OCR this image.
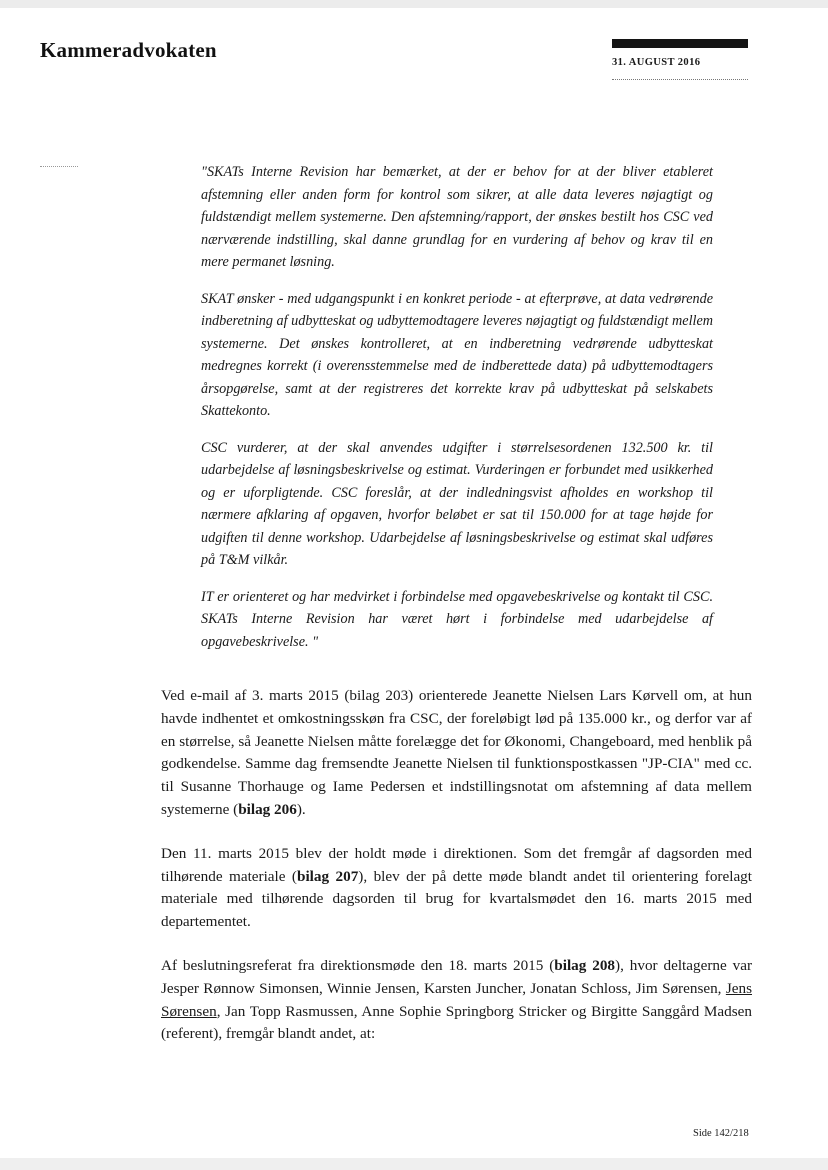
Kammeradvokaten
31. AUGUST 2016

"SKATs Interne Revision har bemærket, at der er behov for at der bliver etableret afstemning eller anden form for kontrol som sikrer, at alle data leveres nøjagtigt og fuldstændigt mellem systemerne. Den afstemning/rapport, der ønskes bestilt hos CSC ved nærværende indstilling, skal danne grundlag for en vurdering af behov og krav til en mere permanet løsning.

SKAT ønsker - med udgangspunkt i en konkret periode - at efterprøve, at data vedrørende indberetning af udbytteskat og udbyttemodtagere leveres nøjagtigt og fuldstændigt mellem systemerne. Det ønskes kontrolleret, at en indberetning vedrørende udbytteskat medregnes korrekt (i overensstemmelse med de indberettede data) på udbyttemodtagers årsopgørelse, samt at der registreres det korrekte krav på udbytteskat på selskabets Skattekonto.

CSC vurderer, at der skal anvendes udgifter i størrelsesordenen 132.500 kr. til udarbejdelse af løsningsbeskrivelse og estimat. Vurderingen er forbundet med usikkerhed og er uforpligtende. CSC foreslår, at der indledningsvist afholdes en workshop til nærmere afklaring af opgaven, hvorfor beløbet er sat til 150.000 for at tage højde for udgiften til denne workshop. Udarbejdelse af løsningsbeskrivelse og estimat skal udføres på T&M vilkår.

IT er orienteret og har medvirket i forbindelse med opgavebeskrivelse og kontakt til CSC. SKATs Interne Revision har været hørt i forbindelse med udarbejdelse af opgavebeskrivelse. "

Ved e-mail af 3. marts 2015 (bilag 203) orienterede Jeanette Nielsen Lars Kørvell om, at hun havde indhentet et omkostningsskøn fra CSC, der foreløbigt lød på 135.000 kr., og derfor var af en størrelse, så Jeanette Nielsen måtte forelægge det for Økonomi, Changeboard, med henblik på godkendelse. Samme dag fremsendte Jeanette Nielsen til funktionspostkassen "JP-CIA" med cc. til Susanne Thorhauge og Iame Pedersen et indstillingsnotat om afstemning af data mellem systemerne (bilag 206).

Den 11. marts 2015 blev der holdt møde i direktionen. Som det fremgår af dagsorden med tilhørende materiale (bilag 207), blev der på dette møde blandt andet til orientering forelagt materiale med tilhørende dagsorden til brug for kvartalsmødet den 16. marts 2015 med departementet.

Af beslutningsreferat fra direktionsmøde den 18. marts 2015 (bilag 208), hvor deltagerne var Jesper Rønnow Simonsen, Winnie Jensen, Karsten Juncher, Jonatan Schloss, Jim Sørensen, Jens Sørensen, Jan Topp Rasmussen, Anne Sophie Springborg Stricker og Birgitte Sanggård Madsen (referent), fremgår blandt andet, at:

Side 142/218
